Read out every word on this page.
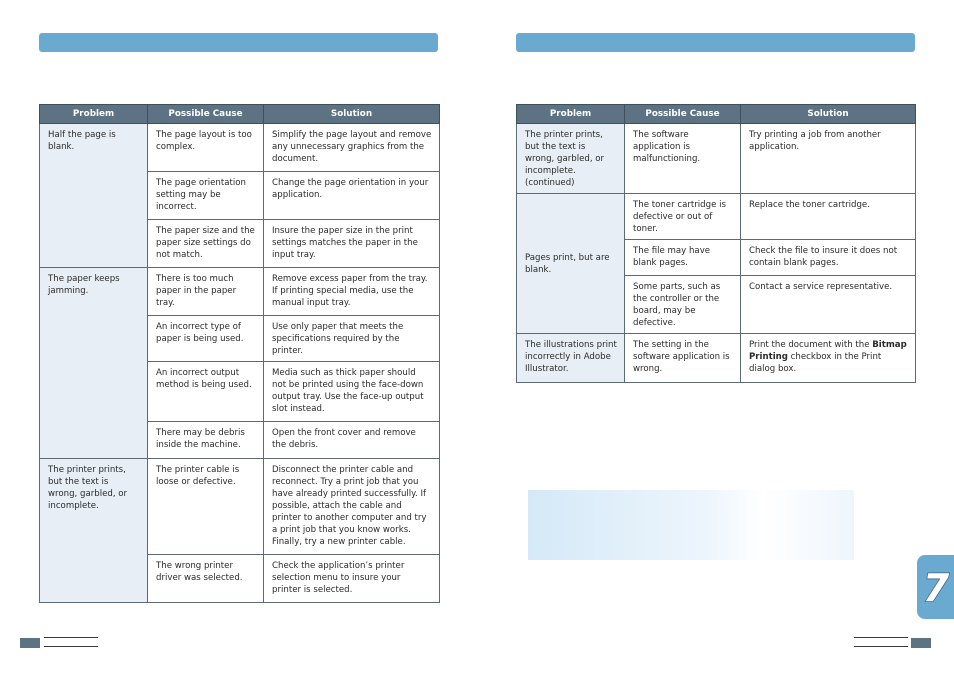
Problem	Possible Cause	Solution
Half the page is blank.	The page layout is too complex.	Simplify the page layout and remove any unnecessary graphics from the document.
	The page orientation setting may be incorrect.	Change the page orientation in your application.
	The paper size and the paper size settings do not match.	Insure the paper size in the print settings matches the paper in the input tray.
The paper keeps jamming.	There is too much paper in the paper tray.	Remove excess paper from the tray. If printing special media, use the manual input tray.
	An incorrect type of paper is being used.	Use only paper that meets the specifications required by the printer.
	An incorrect output method is being used.	Media such as thick paper should not be printed using the face-down output tray. Use the face-up output slot instead.
	There may be debris inside the machine.	Open the front cover and remove the debris.
The printer prints, but the text is wrong, garbled, or incomplete.	The printer cable is loose or defective.	Disconnect the printer cable and reconnect. Try a print job that you have already printed successfully. If possible, attach the cable and printer to another computer and try a print job that you know works. Finally, try a new printer cable.
	The wrong printer driver was selected.	Check the application’s printer selection menu to insure your printer is selected.
Problem	Possible Cause	Solution
The printer prints, but the text is wrong, garbled, or incomplete. (continued)	The software application is malfunctioning.	Try printing a job from another application.
Pages print, but are blank.	The toner cartridge is defective or out of toner.	Replace the toner cartridge.
	The file may have blank pages.	Check the file to insure it does not contain blank pages.
	Some parts, such as the controller or the board, may be defective.	Contact a service representative.
The illustrations print incorrectly in Adobe Illustrator.	The setting in the software application is wrong.	Print the document with the Bitmap Printing checkbox in the Print dialog box.
7
